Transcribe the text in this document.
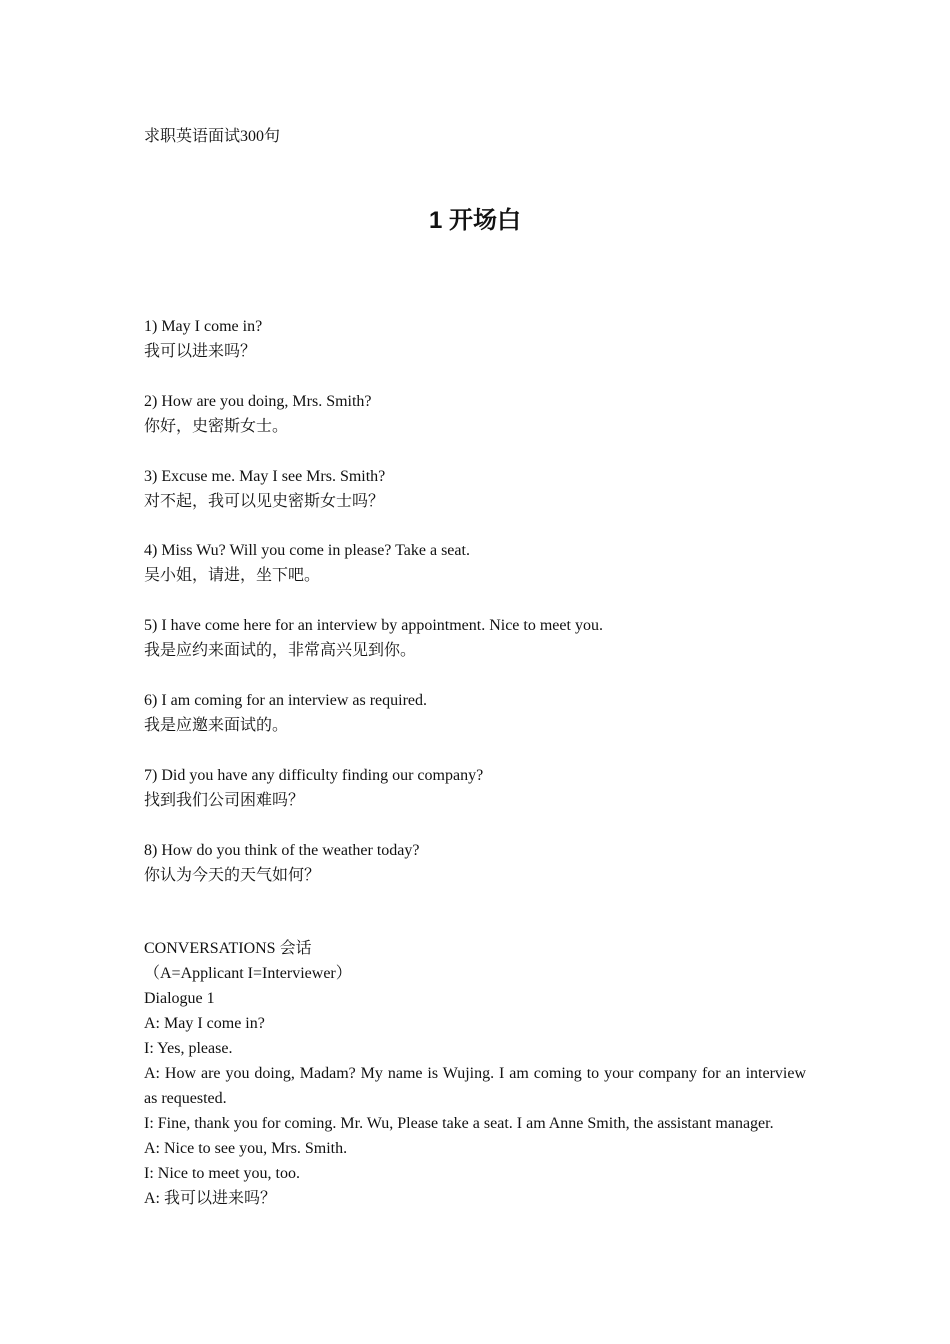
求职英语面试300句
1 开场白
1) May I come in?
我可以进来吗？
2) How are you doing, Mrs. Smith?
你好，史密斯女士。
3) Excuse me. May I see Mrs. Smith?
对不起，我可以见史密斯女士吗？
4) Miss Wu? Will you come in please? Take a seat.
吴小姐，请进，坐下吧。
5) I have come here for an interview by appointment. Nice to meet you.
我是应约来面试的，非常高兴见到你。
6) I am coming for an interview as required.
我是应邀来面试的。
7) Did you have any difficulty finding our company?
找到我们公司困难吗？
8) How do you think of the weather today?
你认为今天的天气如何？
CONVERSATIONS 会话
（A=Applicant I=Interviewer）
Dialogue 1
A: May I come in?
I: Yes, please.
A: How are you doing, Madam? My name is Wujing. I am coming to your company for an interview as requested.
I: Fine, thank you for coming. Mr. Wu, Please take a seat. I am Anne Smith, the assistant manager.
A: Nice to see you, Mrs. Smith.
I: Nice to meet you, too.
A: 我可以进来吗？
